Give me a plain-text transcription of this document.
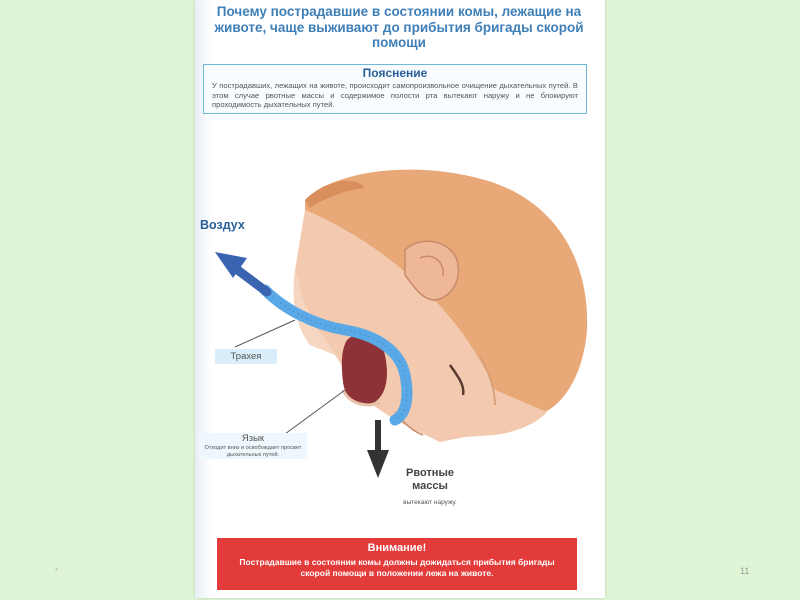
Почему пострадавшие в состоянии комы, лежащие на животе, чаще выживают до прибытия бригады скорой помощи

Пояснение

У пострадавших, лежащих на животе, происходит самопроизвольное очищение дыхательных путей. В этом случае рвотные массы и содержимое полости рта вытекают наружу и не блокируют проходимость дыхательных путей.

Воздух
Трахея

Язык

Отходит вниз и освобождает просвет дыхательных путей.

Рвотные массы

вытекают наружу.

Внимание!

Пострадавшие в состоянии комы должны дожидаться прибытия бригады скорой помощи в положении лежа на животе.

*	11
